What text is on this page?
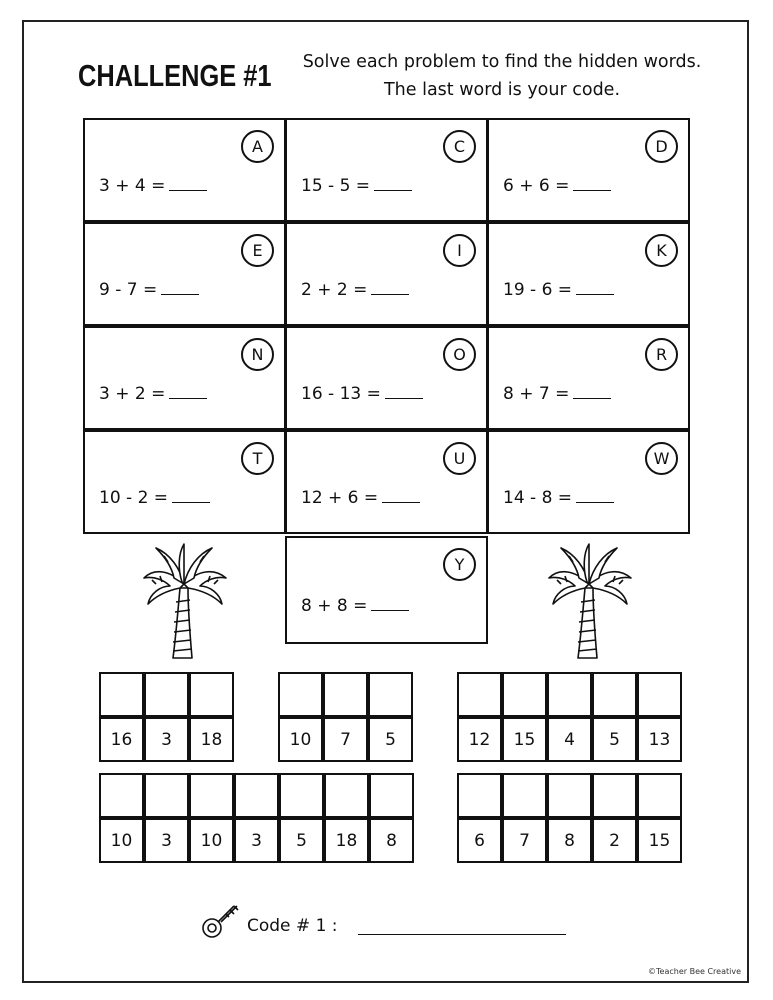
CHALLENGE #1	Solve each problem to find the hidden words.
The last word is your code.
A
3 + 4 =
C
15 - 5 =
D
6 + 6 =
E
9 - 7 =
I
2 + 2 =
K
19 - 6 =
N
3 + 2 =
O
16 - 13 =
R
8 + 7 =
T
10 - 2 =
U
12 + 6 =
W
14 - 8 =
Y
8 + 8 =
16	3	18	10	7	5	12	15	4	5	13
10	3	10	3	5	18	8	6	7	8	2	15
Code # 1 :
©Teacher Bee Creative
